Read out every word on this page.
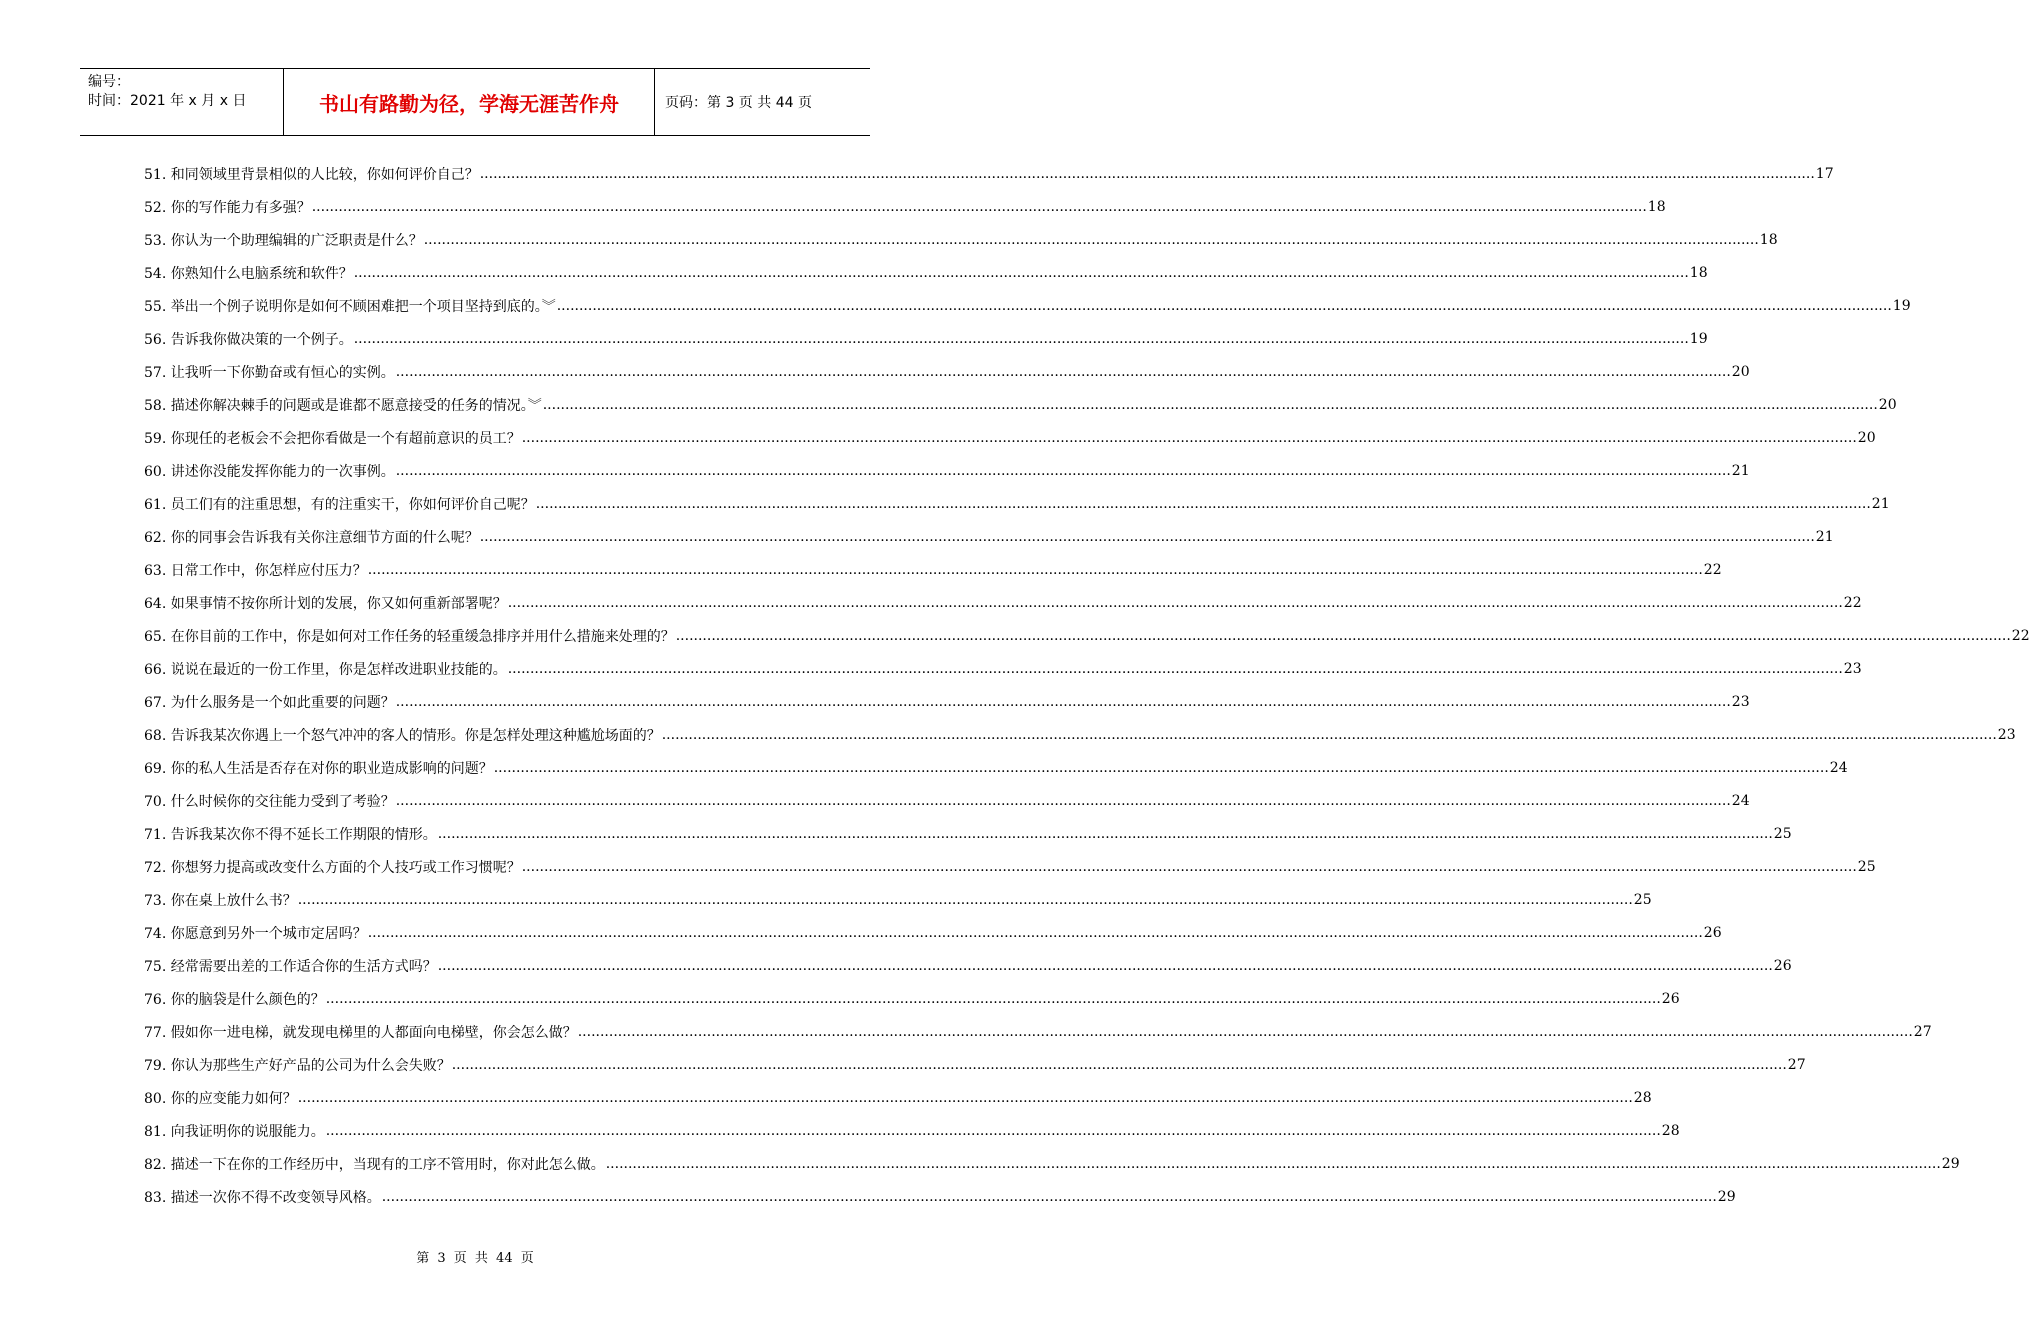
编号：
时间：2021 年 x 月 x 日	书山有路勤为径，学海无涯苦作舟	页码：第 3 页 共 44 页
51. 和同领域里背景相似的人比较，你如何评价自己？ ............................................................................................................................................................................................................................................................................................................ 17
52. 你的写作能力有多强？ ............................................................................................................................................................................................................................................................................................................ 18
53. 你认为一个助理编辑的广泛职责是什么？ ............................................................................................................................................................................................................................................................................................................ 18
54. 你熟知什么电脑系统和软件？ ............................................................................................................................................................................................................................................................................................................ 18
55. 举出一个例子说明你是如何不顾困难把一个项目坚持到底的。︾ ............................................................................................................................................................................................................................................................................................................ 19
56. 告诉我你做决策的一个例子。 ............................................................................................................................................................................................................................................................................................................ 19
57. 让我听一下你勤奋或有恒心的实例。 ............................................................................................................................................................................................................................................................................................................ 20
58. 描述你解决棘手的问题或是谁都不愿意接受的任务的情况。︾ ............................................................................................................................................................................................................................................................................................................ 20
59. 你现任的老板会不会把你看做是一个有超前意识的员工？ ............................................................................................................................................................................................................................................................................................................ 20
60. 讲述你没能发挥你能力的一次事例。 ............................................................................................................................................................................................................................................................................................................ 21
61. 员工们有的注重思想，有的注重实干，你如何评价自己呢？ ............................................................................................................................................................................................................................................................................................................ 21
62. 你的同事会告诉我有关你注意细节方面的什么呢？ ............................................................................................................................................................................................................................................................................................................ 21
63. 日常工作中，你怎样应付压力？ ............................................................................................................................................................................................................................................................................................................ 22
64. 如果事情不按你所计划的发展，你又如何重新部署呢？ ............................................................................................................................................................................................................................................................................................................ 22
65. 在你目前的工作中，你是如何对工作任务的轻重缓急排序并用什么措施来处理的？ ............................................................................................................................................................................................................................................................................................................ 22
66. 说说在最近的一份工作里，你是怎样改进职业技能的。 ............................................................................................................................................................................................................................................................................................................ 23
67. 为什么服务是一个如此重要的问题？ ............................................................................................................................................................................................................................................................................................................ 23
68. 告诉我某次你遇上一个怒气冲冲的客人的情形。你是怎样处理这种尴尬场面的？ ............................................................................................................................................................................................................................................................................................................ 23
69. 你的私人生活是否存在对你的职业造成影响的问题？ ............................................................................................................................................................................................................................................................................................................ 24
70. 什么时候你的交往能力受到了考验？ ............................................................................................................................................................................................................................................................................................................ 24
71. 告诉我某次你不得不延长工作期限的情形。 ............................................................................................................................................................................................................................................................................................................ 25
72. 你想努力提高或改变什么方面的个人技巧或工作习惯呢？ ............................................................................................................................................................................................................................................................................................................ 25
73. 你在桌上放什么书？ ............................................................................................................................................................................................................................................................................................................ 25
74. 你愿意到另外一个城市定居吗？ ............................................................................................................................................................................................................................................................................................................ 26
75. 经常需要出差的工作适合你的生活方式吗？ ............................................................................................................................................................................................................................................................................................................ 26
76. 你的脑袋是什么颜色的？ ............................................................................................................................................................................................................................................................................................................ 26
77. 假如你一进电梯，就发现电梯里的人都面向电梯壁，你会怎么做？ ............................................................................................................................................................................................................................................................................................................ 27
79. 你认为那些生产好产品的公司为什么会失败？ ............................................................................................................................................................................................................................................................................................................ 27
80. 你的应变能力如何？ ............................................................................................................................................................................................................................................................................................................ 28
81. 向我证明你的说服能力。 ............................................................................................................................................................................................................................................................................................................ 28
82. 描述一下在你的工作经历中，当现有的工序不管用时，你对此怎么做。 ............................................................................................................................................................................................................................................................................................................ 29
83. 描述一次你不得不改变领导风格。 ............................................................................................................................................................................................................................................................................................................ 29
第 3 页 共 44 页
